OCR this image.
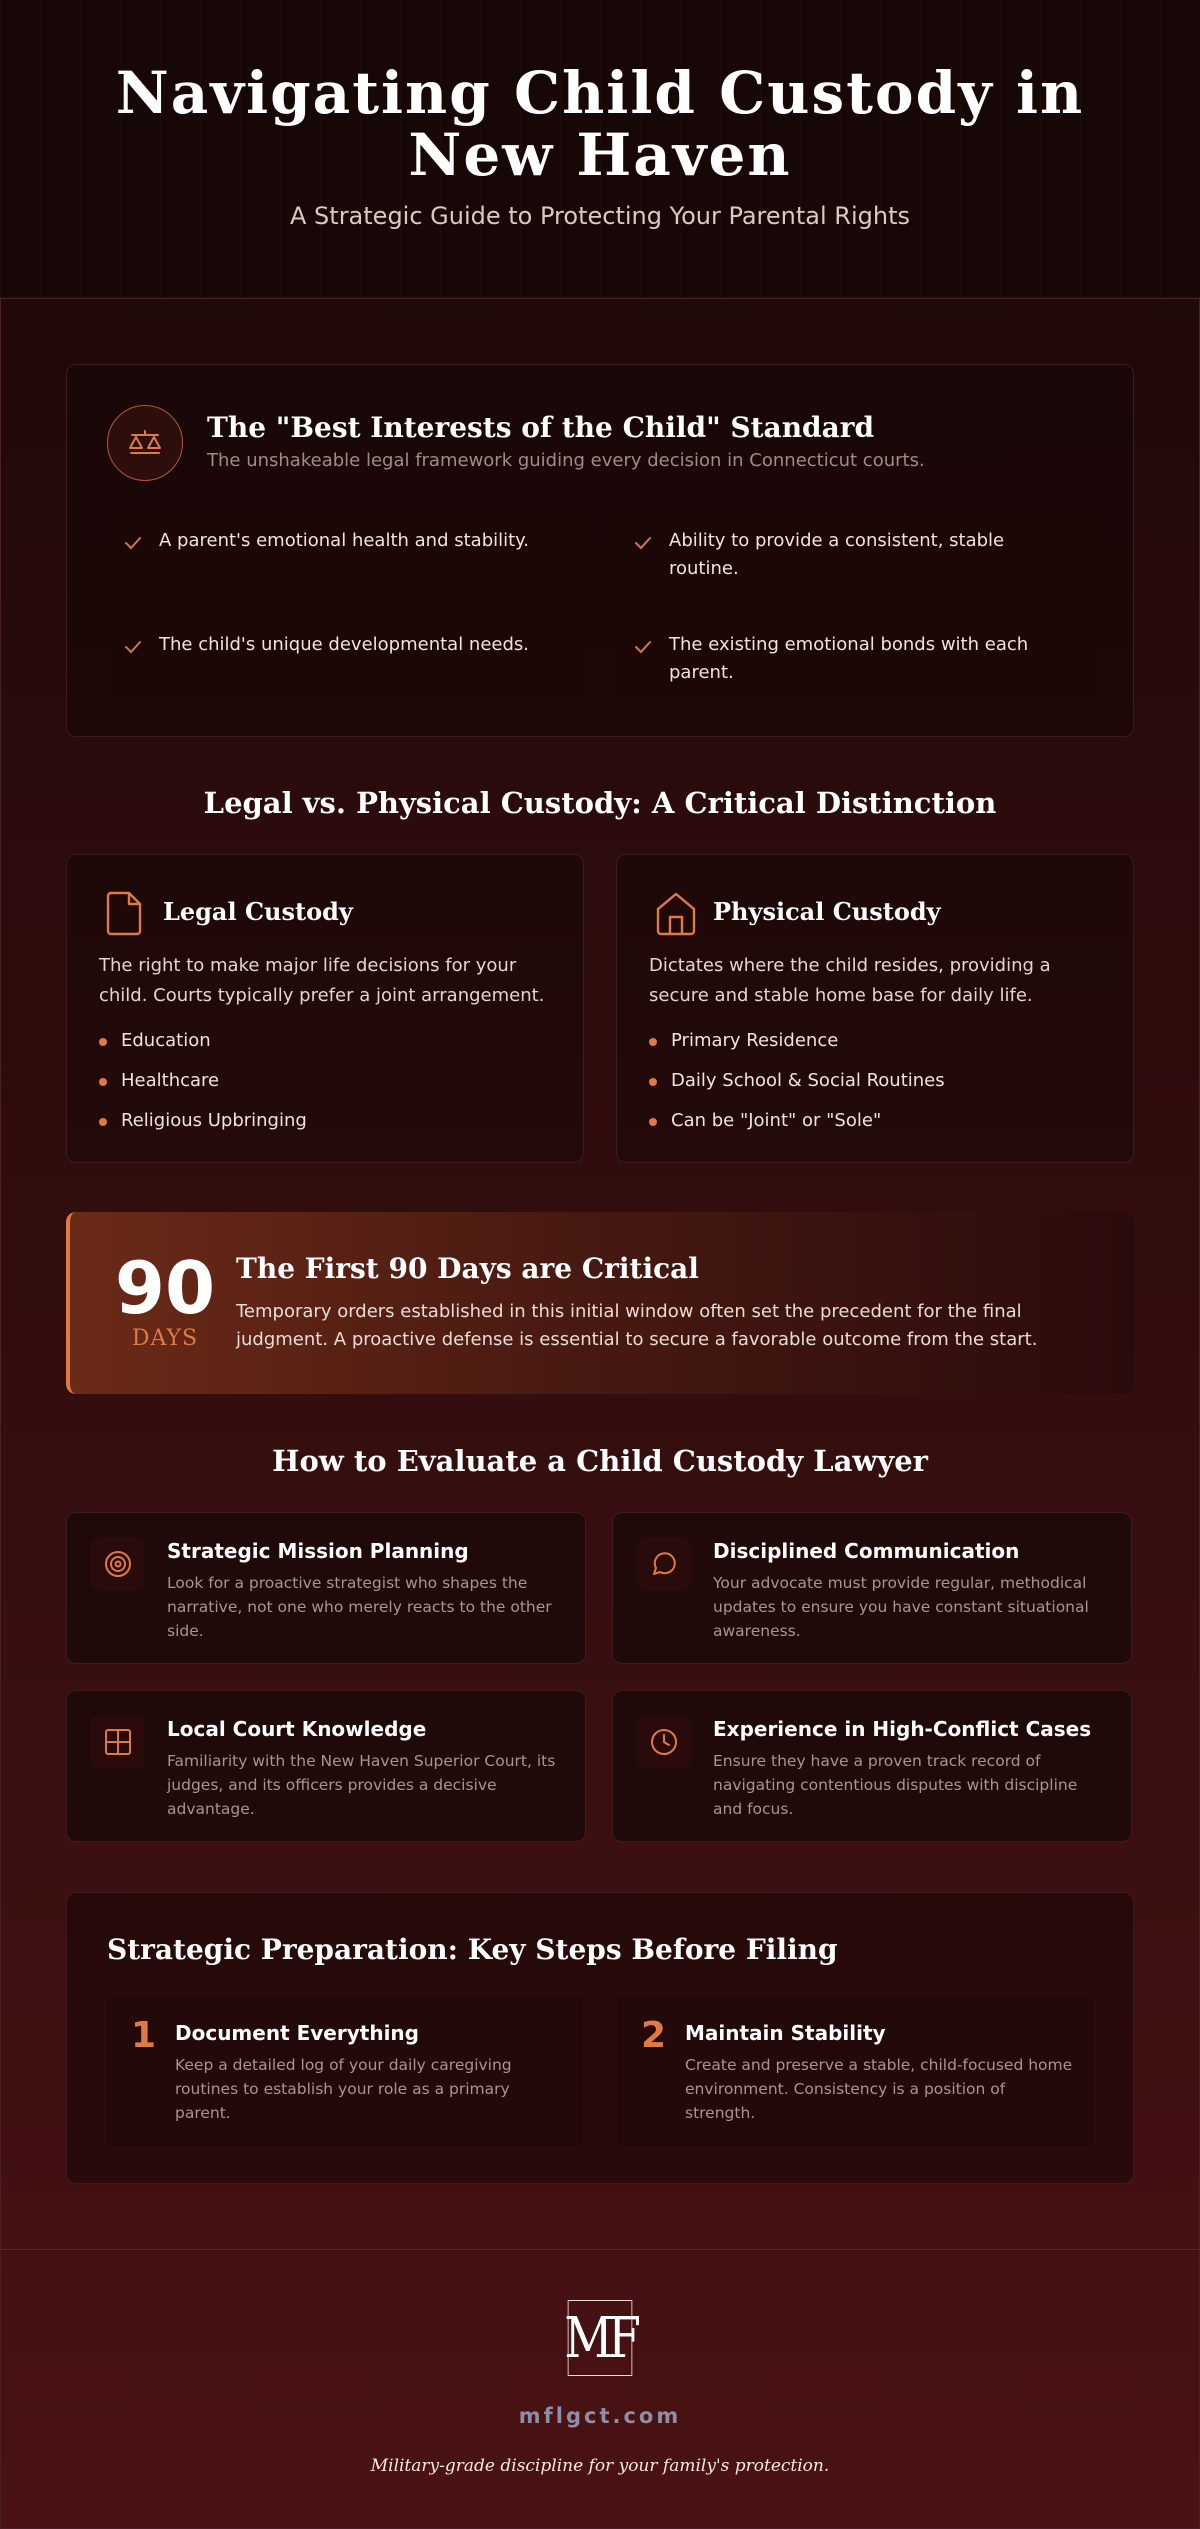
Navigating Child Custody in New Haven

A Strategic Guide to Protecting Your Parental Rights

The "Best Interests of the Child" Standard

The unshakeable legal framework guiding every decision in Connecticut courts.

A parent's emotional health and stability.	Ability to provide a consistent, stable routine.
The child's unique developmental needs.	The existing emotional bonds with each parent.
Legal vs. Physical Custody: A Critical Distinction
Legal Custody

The right to make major life decisions for your child. Courts typically prefer a joint arrangement.

Education
Healthcare
Religious Upbringing
Physical Custody

Dictates where the child resides, providing a secure and stable home base for daily life.

Primary Residence
Daily School & Social Routines
Can be "Joint" or "Sole"
90
DAYS
The First 90 Days are Critical

Temporary orders established in this initial window often set the precedent for the final judgment. A proactive defense is essential to secure a favorable outcome from the start.

How to Evaluate a Child Custody Lawyer
Strategic Mission Planning

Look for a proactive strategist who shapes the narrative, not one who merely reacts to the other side.

Disciplined Communication

Your advocate must provide regular, methodical updates to ensure you have constant situational awareness.

Local Court Knowledge

Familiarity with the New Haven Superior Court, its judges, and its officers provides a decisive advantage.

Experience in High-Conflict Cases

Ensure they have a proven track record of navigating contentious disputes with discipline and focus.

Strategic Preparation: Key Steps Before Filing
1 Document Everything

Keep a detailed log of your daily caregiving routines to establish your role as a primary parent.

2 Maintain Stability

Create and preserve a stable, child-focused home environment. Consistency is a position of strength.

MF
mflgct.com
Military-grade discipline for your family's protection.
